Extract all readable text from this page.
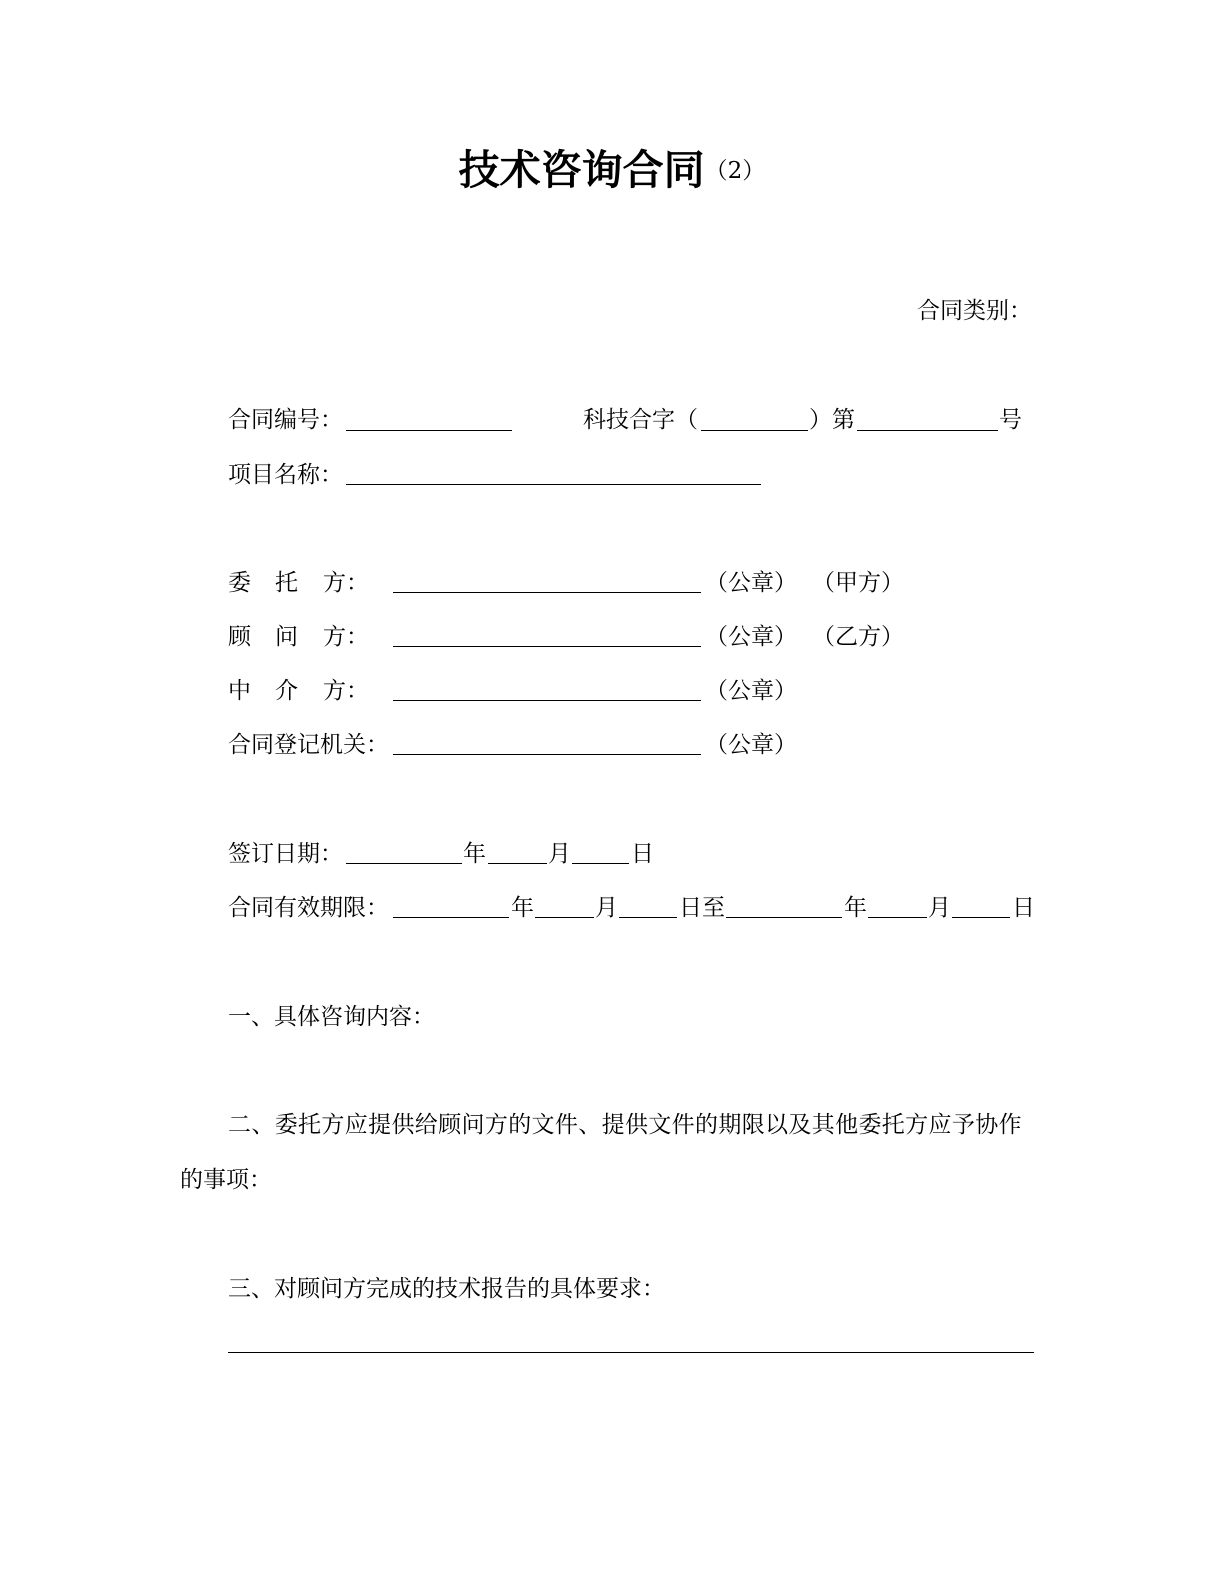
技术咨询合同（2）
合同类别：
合同编号：	科技合字（	）第	号
项目名称：
委 托 方：	（公章） （甲方）
顾 问 方：	（公章） （乙方）
中 介 方：	（公章）
合同登记机关：	（公章）
签订日期：	年	月	日
合同有效期限：	年	月	日至	年	月	日
一、具体咨询内容：
二、委托方应提供给顾问方的文件、提供文件的期限以及其他委托方应予协作
的事项：
三、对顾问方完成的技术报告的具体要求：
